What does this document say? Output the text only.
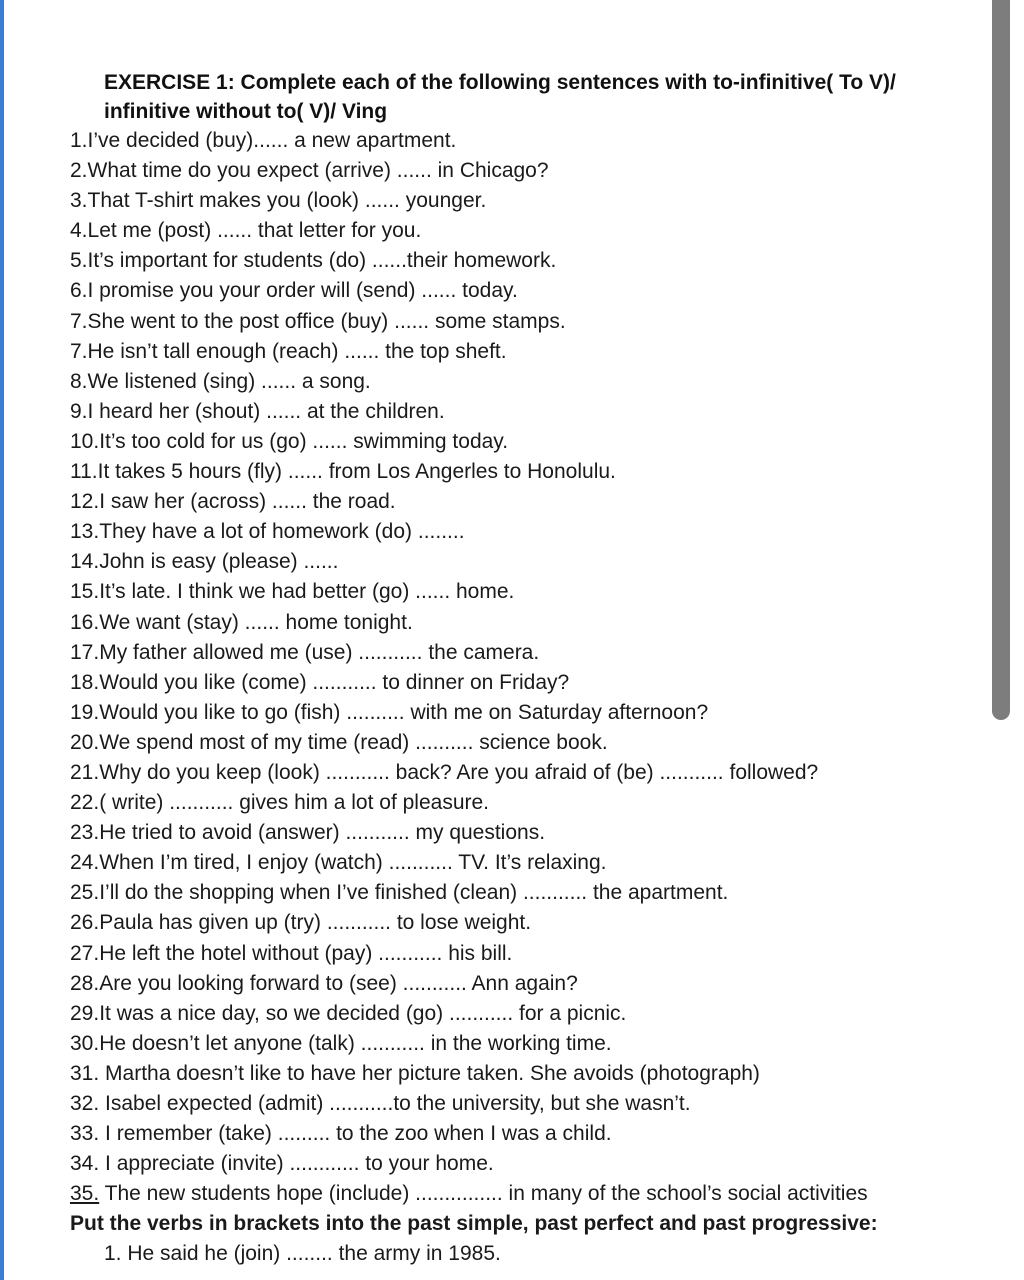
EXERCISE 1: Complete each of the following sentences with to-infinitive( To V)/
infinitive without to( V)/ Ving

1.I’ve decided (buy)...... a new apartment.
2.What time do you expect (arrive) ...... in Chicago?
3.That T-shirt makes you (look) ...... younger.
4.Let me (post) ...... that letter for you.
5.It’s important for students (do) ......their homework.
6.I promise you your order will (send) ...... today.
7.She went to the post office (buy) ...... some stamps.
7.He isn’t tall enough (reach) ...... the top sheft.
8.We listened (sing) ...... a song.
9.I heard her (shout) ...... at the children.
10.It’s too cold for us (go) ...... swimming today.
11.It takes 5 hours (fly) ...... from Los Angerles to Honolulu.
12.I saw her (across) ...... the road.
13.They have a lot of homework (do) ........
14.John is easy (please) ......
15.It’s late. I think we had better (go) ...... home.
16.We want (stay) ...... home tonight.
17.My father allowed me (use) ........... the camera.
18.Would you like (come) ........... to dinner on Friday?
19.Would you like to go (fish) .......... with me on Saturday afternoon?
20.We spend most of my time (read) .......... science book.
21.Why do you keep (look) ........... back? Are you afraid of (be) ........... followed?
22.( write) ........... gives him a lot of pleasure.
23.He tried to avoid (answer) ........... my questions.
24.When I’m tired, I enjoy (watch) ........... TV. It’s relaxing.
25.I’ll do the shopping when I’ve finished (clean) ........... the apartment.
26.Paula has given up (try) ........... to lose weight.
27.He left the hotel without (pay) ........... his bill.
28.Are you looking forward to (see) ........... Ann again?
29.It was a nice day, so we decided (go) ........... for a picnic.
30.He doesn’t let anyone (talk) ........... in the working time.
31. Martha doesn’t like to have her picture taken. She avoids (photograph)
32. Isabel expected (admit) ...........to the university, but she wasn’t.
33. I remember (take) ......... to the zoo when I was a child.
34. I appreciate (invite) ............ to your home.
35. The new students hope (include) ............... in many of the school’s social activities

Put the verbs in brackets into the past simple, past perfect and past progressive:

1. He said he (join) ........ the army in 1985.
